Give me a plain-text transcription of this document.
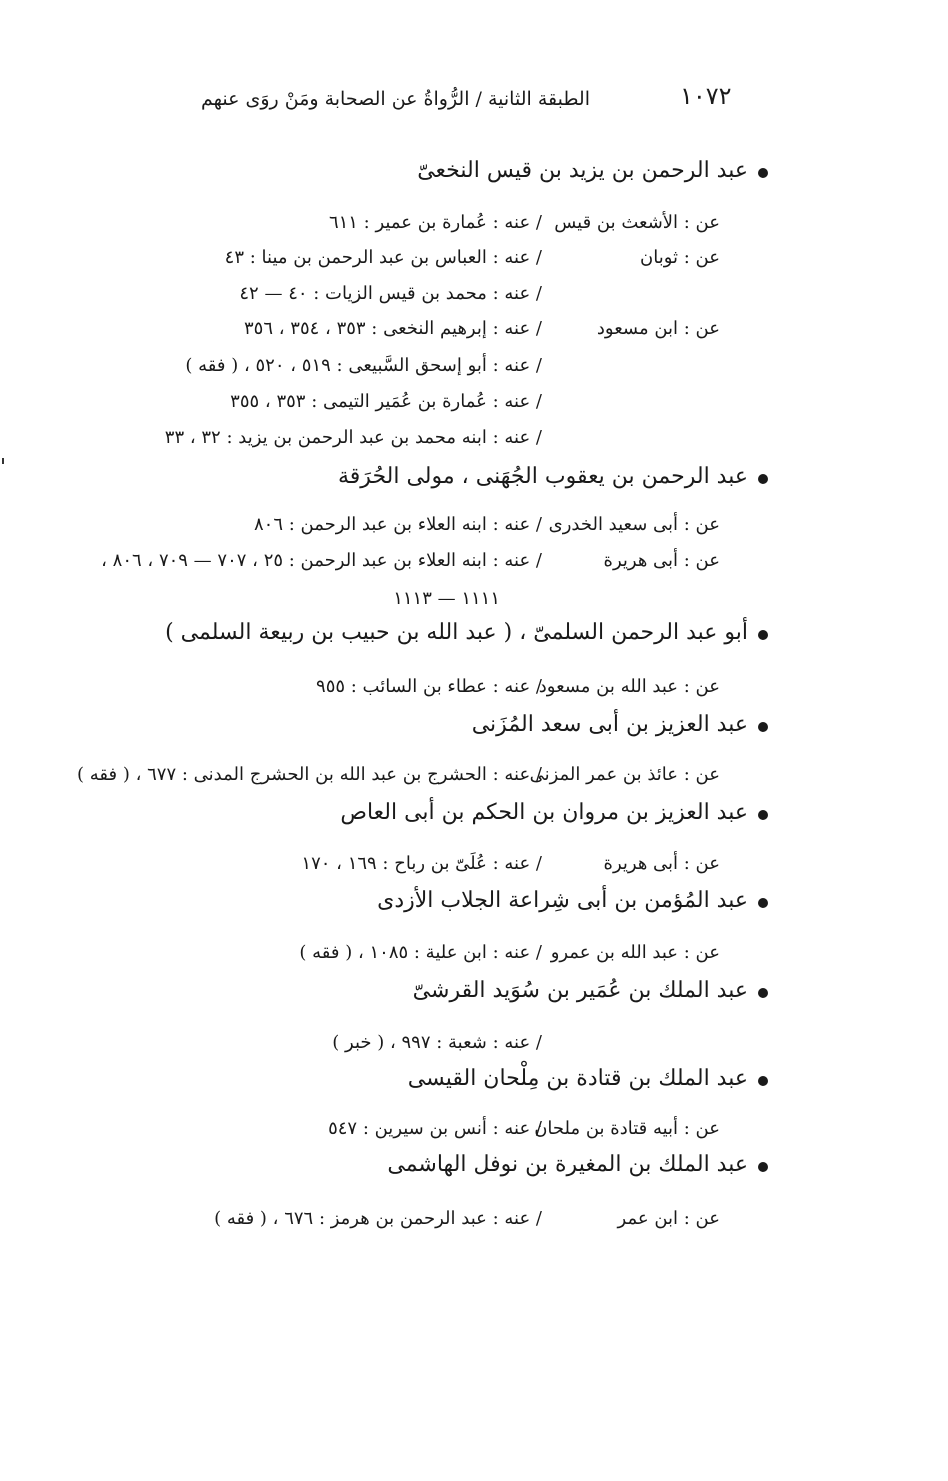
١٠٧٢
الطبقة الثانية / الرُّواةُ عن الصحابة ومَنْ روَى عنهم
عبد الرحمن بن يزيد بن قيس النخعىّ
عن : الأشعث بن قيس
/ عنه : عُمارة بن عمير : ٦١١
عن : ثوبان
/ عنه : العباس بن عبد الرحمن بن مينا : ٤٣
/ عنه : محمد بن قيس الزيات : ٤٠ — ٤٢
عن : ابن مسعود
/ عنه : إبرهيم النخعى : ٣٥٣ ، ٣٥٤ ، ٣٥٦
/ عنه : أبو إسحق السَّبيعى : ٥١٩ ، ٥٢٠ ، ( فقه )
/ عنه : عُمارة بن عُمَير التيمى : ٣٥٣ ، ٣٥٥
/ عنه : ابنه محمد بن عبد الرحمن بن يزيد : ٣٢ ، ٣٣
عبد الرحمن بن يعقوب الجُهَنى ، مولى الحُرَقة
عن : أبى سعيد الخدرى
/ عنه : ابنه العلاء بن عبد الرحمن : ٨٠٦
عن : أبى هريرة
/ عنه : ابنه العلاء بن عبد الرحمن : ٢٥ ، ٧٠٧ — ٧٠٩ ، ٨٠٦ ،
١١١١ — ١١١٣
أبو عبد الرحمن السلمىّ ، ( عبد الله بن حبيب بن ربيعة السلمى )
عن : عبد الله بن مسعود
/ عنه : عطاء بن السائب : ٩٥٥
عبد العزيز بن أبى سعد المُزَنى
عن : عائذ بن عمر المزنى
/ عنه : الحشرج بن عبد الله بن الحشرج المدنى : ٦٧٧ ، ( فقه )
عبد العزيز بن مروان بن الحكم بن أبى العاص
عن : أبى هريرة
/ عنه : عُلَىّ بن رباح : ١٦٩ ، ١٧٠
عبد المُؤمن بن أبى شِراعة الجلاب الأزدى
عن : عبد الله بن عمرو
/ عنه : ابن علية : ١٠٨٥ ، ( فقه )
عبد الملك بن عُمَير بن سُوَيد القرشىّ
/ عنه : شعبة : ٩٩٧ ، ( خبر )
عبد الملك بن قتادة بن مِلْحان القيسى
عن : أبيه قتادة بن ملحان
/ عنه : أنس بن سيرين : ٥٤٧
عبد الملك بن المغيرة بن نوفل الهاشمى
عن : ابن عمر
/ عنه : عبد الرحمن بن هرمز : ٦٧٦ ، ( فقه )
